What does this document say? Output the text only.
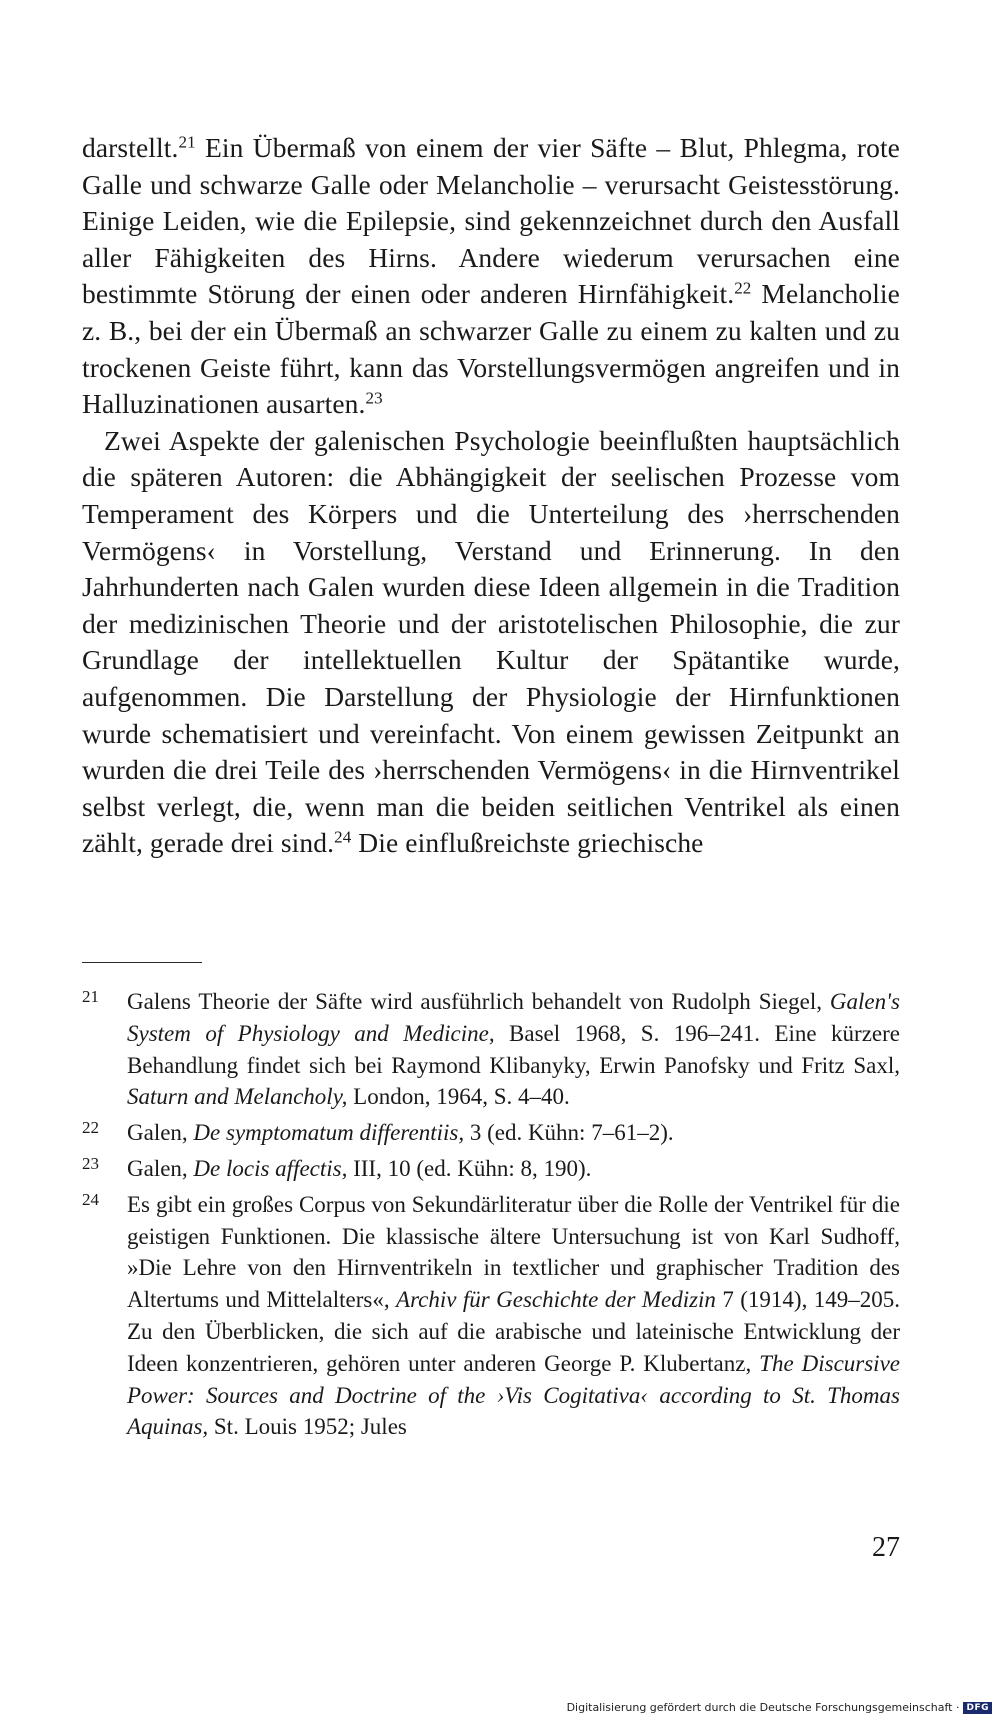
darstellt.$^{21}$ Ein Übermaß von einem der vier Säfte – Blut, Phlegma, rote Galle und schwarze Galle oder Melancholie – verursacht Geistesstörung. Einige Leiden, wie die Epilepsie, sind gekennzeichnet durch den Ausfall aller Fähigkeiten des Hirns. Andere wiederum verursachen eine bestimmte Störung der einen oder anderen Hirnfähigkeit.$^{22}$ Melancholie z. B., bei der ein Übermaß an schwarzer Galle zu einem zu kalten und zu trockenen Geiste führt, kann das Vorstellungsvermögen angreifen und in Halluzinationen ausarten.$^{23}$

Zwei Aspekte der galenischen Psychologie beeinflußten hauptsächlich die späteren Autoren: die Abhängigkeit der seelischen Prozesse vom Temperament des Körpers und die Unterteilung des ›herrschenden Vermögens‹ in Vorstellung, Verstand und Erinnerung. In den Jahrhunderten nach Galen wurden diese Ideen allgemein in die Tradition der medizinischen Theorie und der aristotelischen Philosophie, die zur Grundlage der intellektuellen Kultur der Spätantike wurde, aufgenommen. Die Darstellung der Physiologie der Hirnfunktionen wurde schematisiert und vereinfacht. Von einem gewissen Zeitpunkt an wurden die drei Teile des ›herrschenden Vermögens‹ in die Hirnventrikel selbst verlegt, die, wenn man die beiden seitlichen Ventrikel als einen zählt, gerade drei sind.$^{24}$ Die einflußreichste griechische

21	Galens Theorie der Säfte wird ausführlich behandelt von Rudolph Siegel, Galen's System of Physiology and Medicine, Basel 1968, S. 196–241. Eine kürzere Behandlung findet sich bei Raymond Klibanyky, Erwin Panofsky und Fritz Saxl, Saturn and Melancholy, London, 1964, S. 4–40.
22	Galen, De symptomatum differentiis, 3 (ed. Kühn: 7–61–2).
23	Galen, De locis affectis, III, 10 (ed. Kühn: 8, 190).
24	Es gibt ein großes Corpus von Sekundärliteratur über die Rolle der Ventrikel für die geistigen Funktionen. Die klassische ältere Untersuchung ist von Karl Sudhoff, »Die Lehre von den Hirnventrikeln in textlicher und graphischer Tradition des Altertums und Mittelalters«, Archiv für Geschichte der Medizin 7 (1914), 149–205. Zu den Überblicken, die sich auf die arabische und lateinische Entwicklung der Ideen konzentrieren, gehören unter anderen George P. Klubertanz, The Discursive Power: Sources and Doctrine of the ›Vis Cogitativa‹ according to St. Thomas Aquinas, St. Louis 1952; Jules
27
Digitalisierung gefördert durch die Deutsche Forschungsgemeinschaft · DFG
